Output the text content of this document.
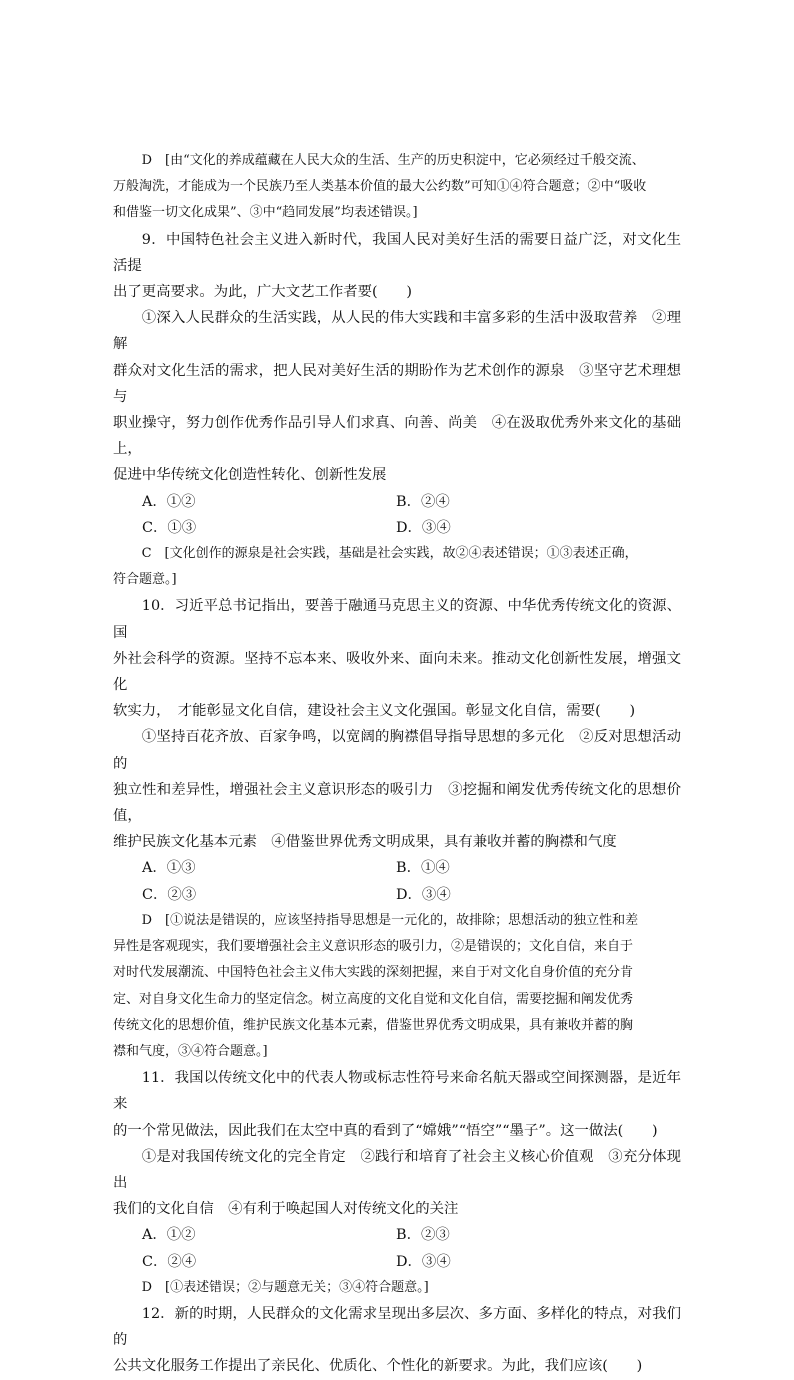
D　[由“文化的养成蕴藏在人民大众的生活、生产的历史积淀中，它必须经过千般交流、

万般淘洗，才能成为一个民族乃至人类基本价值的最大公约数”可知①④符合题意；②中“吸收

和借鉴一切文化成果”、③中“趋同发展”均表述错误。]

9．中国特色社会主义进入新时代，我国人民对美好生活的需要日益广泛，对文化生活提

出了更高要求。为此，广大文艺工作者要(　　)

①深入人民群众的生活实践，从人民的伟大实践和丰富多彩的生活中汲取营养　②理解

群众对文化生活的需求，把人民对美好生活的期盼作为艺术创作的源泉　③坚守艺术理想与

职业操守，努力创作优秀作品引导人们求真、向善、尚美　④在汲取优秀外来文化的基础上，

促进中华传统文化创造性转化、创新性发展

A．①②	B．②④
C．①③	D．③④

C　[文化创作的源泉是社会实践，基础是社会实践，故②④表述错误；①③表述正确，

符合题意。]

10．习近平总书记指出，要善于融通马克思主义的资源、中华优秀传统文化的资源、国

外社会科学的资源。坚持不忘本来、吸收外来、面向未来。推动文化创新性发展，增强文化

软实力，　才能彰显文化自信，建设社会主义文化强国。彰显文化自信，需要(　　)

①坚持百花齐放、百家争鸣，以宽阔的胸襟倡导指导思想的多元化　②反对思想活动的

独立性和差异性，增强社会主义意识形态的吸引力　③挖掘和阐发优秀传统文化的思想价值，

维护民族文化基本元素　④借鉴世界优秀文明成果，具有兼收并蓄的胸襟和气度

A．①③	B．①④
C．②③	D．③④

D　[①说法是错误的，应该坚持指导思想是一元化的，故排除；思想活动的独立性和差

异性是客观现实，我们要增强社会主义意识形态的吸引力，②是错误的；文化自信，来自于

对时代发展潮流、中国特色社会主义伟大实践的深刻把握，来自于对文化自身价值的充分肯

定、对自身文化生命力的坚定信念。树立高度的文化自觉和文化自信，需要挖掘和阐发优秀

传统文化的思想价值，维护民族文化基本元素，借鉴世界优秀文明成果，具有兼收并蓄的胸

襟和气度，③④符合题意。]

11．我国以传统文化中的代表人物或标志性符号来命名航天器或空间探测器，是近年来

的一个常见做法，因此我们在太空中真的看到了“嫦娥”“悟空”“墨子”。这一做法(　　)

①是对我国传统文化的完全肯定　②践行和培育了社会主义核心价值观　③充分体现出

我们的文化自信　④有利于唤起国人对传统文化的关注

A．①②	B．②③
C．②④	D．③④

D　[①表述错误；②与题意无关；③④符合题意。]

12．新的时期，人民群众的文化需求呈现出多层次、多方面、多样化的特点，对我们的

公共文化服务工作提出了亲民化、优质化、个性化的新要求。为此，我们应该(　　)
